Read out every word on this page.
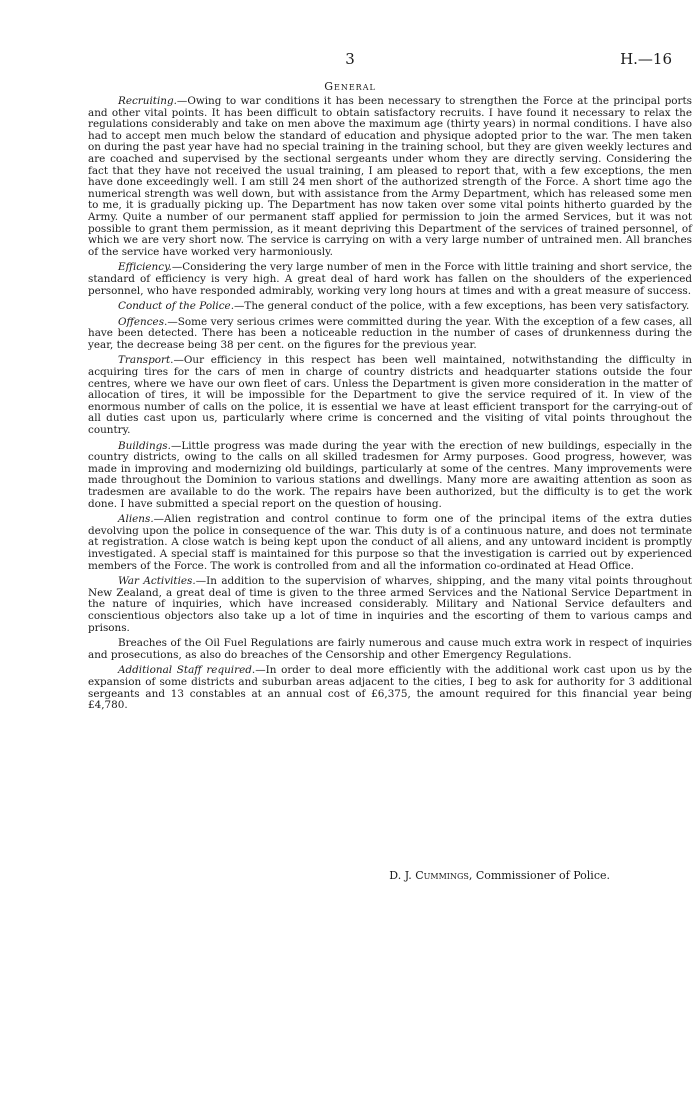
3	H.—16
General

Recruiting.—Owing to war conditions it has been necessary to strengthen the Force at the principal ports and other vital points. It has been difficult to obtain satisfactory recruits. I have found it necessary to relax the regulations considerably and take on men above the maximum age (thirty years) in normal conditions. I have also had to accept men much below the standard of education and physique adopted prior to the war. The men taken on during the past year have had no special training in the training school, but they are given weekly lectures and are coached and supervised by the sectional sergeants under whom they are directly serving. Considering the fact that they have not received the usual training, I am pleased to report that, with a few exceptions, the men have done exceedingly well. I am still 24 men short of the authorized strength of the Force. A short time ago the numerical strength was well down, but with assistance from the Army Department, which has released some men to me, it is gradually picking up. The Department has now taken over some vital points hitherto guarded by the Army. Quite a number of our permanent staff applied for permission to join the armed Services, but it was not possible to grant them permission, as it meant depriving this Department of the services of trained personnel, of which we are very short now. The service is carrying on with a very large number of untrained men. All branches of the service have worked very harmoniously.

Efficiency.—Considering the very large number of men in the Force with little training and short service, the standard of efficiency is very high. A great deal of hard work has fallen on the shoulders of the experienced personnel, who have responded admirably, working very long hours at times and with a great measure of success.

Conduct of the Police.—The general conduct of the police, with a few exceptions, has been very satisfactory.

Offences.—Some very serious crimes were committed during the year. With the exception of a few cases, all have been detected. There has been a noticeable reduction in the number of cases of drunkenness during the year, the decrease being 38 per cent. on the figures for the previous year.

Transport.—Our efficiency in this respect has been well maintained, notwithstanding the difficulty in acquiring tires for the cars of men in charge of country districts and headquarter stations outside the four centres, where we have our own fleet of cars. Unless the Department is given more consideration in the matter of allocation of tires, it will be impossible for the Department to give the service required of it. In view of the enormous number of calls on the police, it is essential we have at least efficient transport for the carrying-out of all duties cast upon us, particularly where crime is concerned and the visiting of vital points throughout the country.

Buildings.—Little progress was made during the year with the erection of new buildings, especially in the country districts, owing to the calls on all skilled tradesmen for Army purposes. Good progress, however, was made in improving and modernizing old buildings, particularly at some of the centres. Many improvements were made throughout the Dominion to various stations and dwellings. Many more are awaiting attention as soon as tradesmen are available to do the work. The repairs have been authorized, but the difficulty is to get the work done. I have submitted a special report on the question of housing.

Aliens.—Alien registration and control continue to form one of the principal items of the extra duties devolving upon the police in consequence of the war. This duty is of a continuous nature, and does not terminate at registration. A close watch is being kept upon the conduct of all aliens, and any untoward incident is promptly investigated. A special staff is maintained for this purpose so that the investigation is carried out by experienced members of the Force. The work is controlled from and all the information co-ordinated at Head Office.

War Activities.—In addition to the supervision of wharves, shipping, and the many vital points throughout New Zealand, a great deal of time is given to the three armed Services and the National Service Department in the nature of inquiries, which have increased considerably. Military and National Service defaulters and conscientious objectors also take up a lot of time in inquiries and the escorting of them to various camps and prisons.

Breaches of the Oil Fuel Regulations are fairly numerous and cause much extra work in respect of inquiries and prosecutions, as also do breaches of the Censorship and other Emergency Regulations.

Additional Staff required.—In order to deal more efficiently with the additional work cast upon us by the expansion of some districts and suburban areas adjacent to the cities, I beg to ask for authority for 3 additional sergeants and 13 constables at an annual cost of £6,375, the amount required for this financial year being £4,780.

D. J. Cummings, Commissioner of Police.
